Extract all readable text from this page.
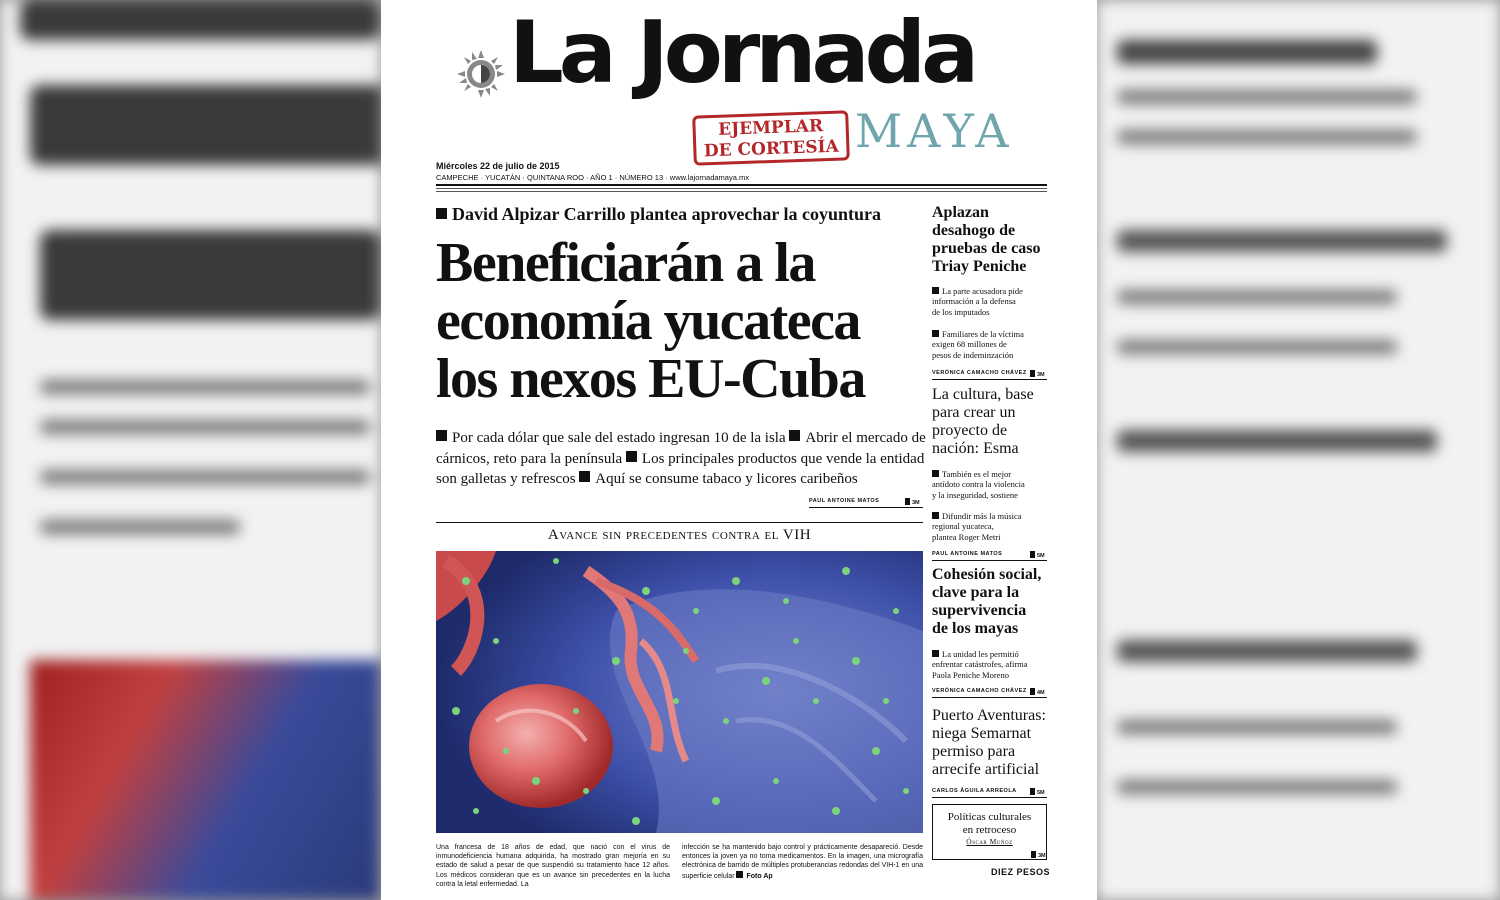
La Jornada
EJEMPLAR
DE CORTESÍA MAYA
Miércoles 22 de julio de 2015
CAMPECHE · YUCATÁN · QUINTANA ROO · AÑO 1 · NÚMERO 13 · www.lajornadamaya.mx
David Alpizar Carrillo plantea aprovechar la coyuntura
Beneficiarán a la
economía yucateca
los nexos EU-Cuba
Por cada dólar que sale del estado ingresan 10 de la isla Abrir el mercado de cárnicos, reto para la península Los principales productos que vende la entidad son galletas y refrescos Aquí se consume tabaco y licores caribeños
PAUL ANTOINE MATOS	3M
Avance sin precedentes contra el VIH
Una francesa de 18 años de edad, que nació con el virus de inmunodeficiencia humana adquirida, ha mostrado gran mejoría en su estado de salud a pesar de que suspendió su tratamiento hace 12 años. Los médicos consideran que es un avance sin precedentes en la lucha contra la letal enfermedad. La
infección se ha mantenido bajo control y prácticamente desapareció. Desde entonces la joven ya no toma medicamentos. En la imagen, una micrografía electrónica de barrido de múltiples protuberancias redondas del VIH-1 en una superficie celular Foto Ap
Aplazan
desahogo de
pruebas de caso
Triay Peniche
La parte acusadora pide
información a la defensa
de los imputados
Familiares de la víctima
exigen 68 millones de
pesos de indeminzación
VERÓNICA CAMACHO CHÁVEZ	3M
La cultura, base
para crear un
proyecto de
nación: Esma
También es el mejor
antídoto contra la violencia
y la inseguridad, sostiene
Difundir más la música
regional yucateca,
plantea Roger Metri
PAUL ANTOINE MATOS	5M
Cohesión social,
clave para la
supervivencia
de los mayas
La unidad les permitió
enfrentar catástrofes, afirma
Paola Peniche Moreno
VERÓNICA CAMACHO CHÁVEZ	4M
Puerto Aventuras:
niega Semarnat
permiso para
arrecife artificial
CARLOS ÁGUILA ARREOLA	5M
Políticas culturales
en retroceso
Óscar Muñoz
3M
DIEZ PESOS
